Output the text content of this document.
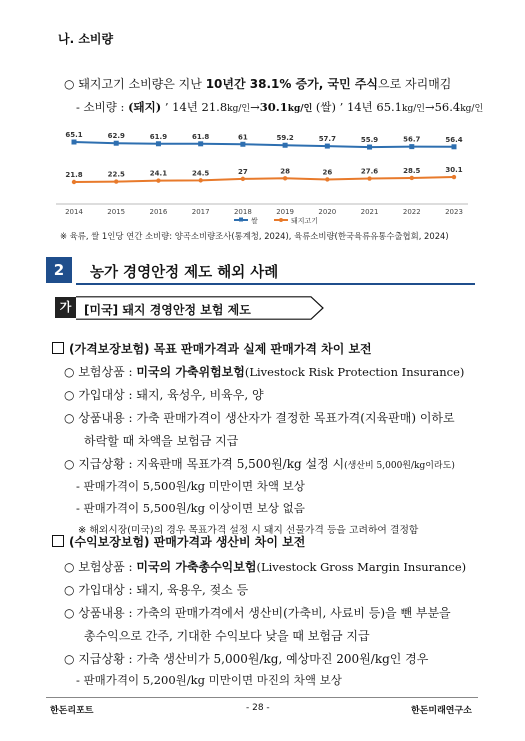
나. 소비량
○ 돼지고기 소비량은 지난 10년간 38.1% 증가, 국민 주식으로 자리매김
- 소비량 : (돼지) ’ 14년 21.8kg/인→30.1kg/인 (쌀) ’ 14년 65.1kg/인→56.4kg/인
65.1	62.9	61.9	61.8	61	59.2	57.7	55.9	56.7	56.4
21.8	22.5	24.1	24.5	27	28	26	27.6	28.5	30.1
2014	2015	2016	2017	2018	2019	2020	2021	2022	2023
쌀	돼지고기
※ 육류, 쌀 1인당 연간 소비량: 양곡소비량조사(통계청, 2024), 육류소비량(한국육류유통수출협회, 2024)
2	농가 경영안정 제도 해외 사례
가	[미국] 돼지 경영안정 보험 제도
(가격보장보험) 목표 판매가격과 실제 판매가격 차이 보전
○ 보험상품 : 미국의 가축위험보험(Livestock Risk Protection Insurance)
○ 가입대상 : 돼지, 육성우, 비육우, 양
○ 상품내용 : 가축 판매가격이 생산자가 결정한 목표가격(지육판매) 이하로
하락할 때 차액을 보험금 지급
○ 지급상황 : 지육판매 목표가격 5,500원/kg 설정 시(생산비 5,000원/kg이라도)
- 판매가격이 5,500원/kg 미만이면 차액 보상
- 판매가격이 5,500원/kg 이상이면 보상 없음
※ 해외시장(미국)의 경우 목표가격 설정 시 돼지 선물가격 등을 고려하여 결정함
(수익보장보험) 판매가격과 생산비 차이 보전
○ 보험상품 : 미국의 가축총수익보험(Livestock Gross Margin Insurance)
○ 가입대상 : 돼지, 육용우, 젖소 등
○ 상품내용 : 가축의 판매가격에서 생산비(가축비, 사료비 등)을 뺀 부분을
총수익으로 간주, 기대한 수익보다 낮을 때 보험금 지급
○ 지급상황 : 가축 생산비가 5,000원/kg, 예상마진 200원/kg인 경우
- 판매가격이 5,200원/kg 미만이면 마진의 차액 보상
한돈리포트	- 28 -	한돈미래연구소
